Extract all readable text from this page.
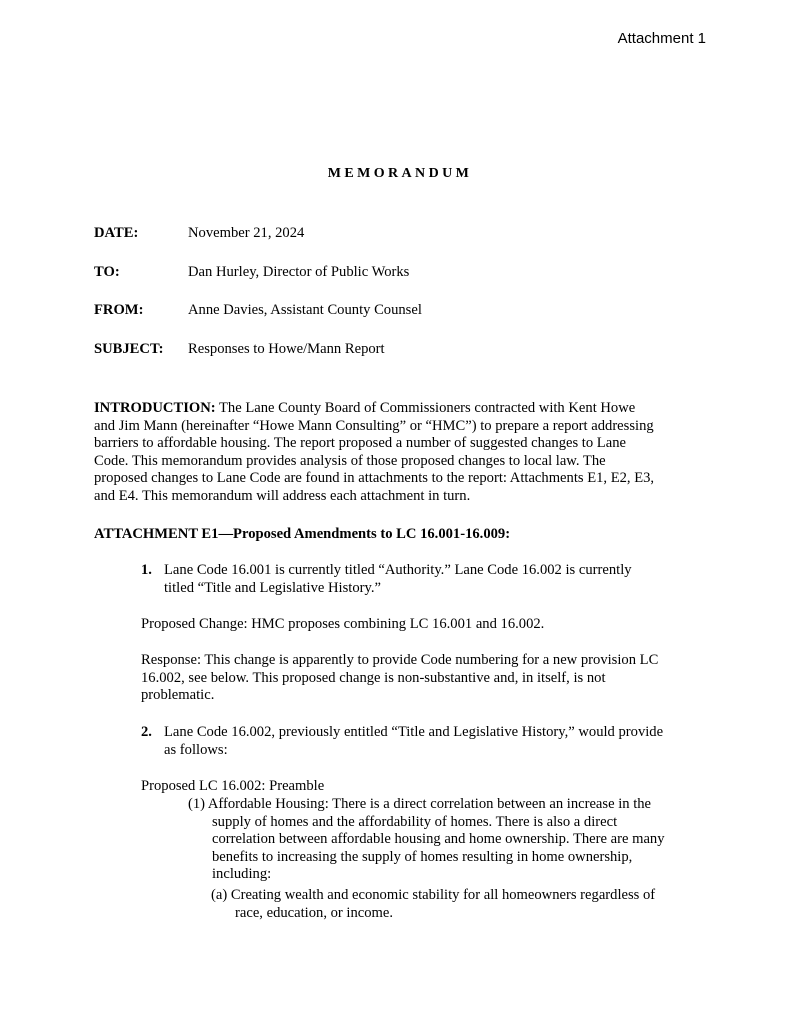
Attachment 1
MEMORANDUM
DATE:	November 21, 2024
TO:	Dan Hurley, Director of Public Works
FROM:	Anne Davies, Assistant County Counsel
SUBJECT: Responses to Howe/Mann Report
INTRODUCTION: The Lane County Board of Commissioners contracted with Kent Howe
and Jim Mann (hereinafter “Howe Mann Consulting” or “HMC”) to prepare a report addressing
barriers to affordable housing. The report proposed a number of suggested changes to Lane
Code. This memorandum provides analysis of those proposed changes to local law. The
proposed changes to Lane Code are found in attachments to the report: Attachments E1, E2, E3,
and E4. This memorandum will address each attachment in turn.
ATTACHMENT E1—Proposed Amendments to LC 16.001-16.009:
1. Lane Code 16.001 is currently titled “Authority.” Lane Code 16.002 is currently
titled “Title and Legislative History.”
Proposed Change: HMC proposes combining LC 16.001 and 16.002.
Response: This change is apparently to provide Code numbering for a new provision LC
16.002, see below. This proposed change is non-substantive and, in itself, is not
problematic.
2. Lane Code 16.002, previously entitled “Title and Legislative History,” would provide
as follows:
Proposed LC 16.002: Preamble
(1) Affordable Housing: There is a direct correlation between an increase in the
supply of homes and the affordability of homes. There is also a direct
correlation between affordable housing and home ownership. There are many
benefits to increasing the supply of homes resulting in home ownership,
including:
(a) Creating wealth and economic stability for all homeowners regardless of
race, education, or income.
